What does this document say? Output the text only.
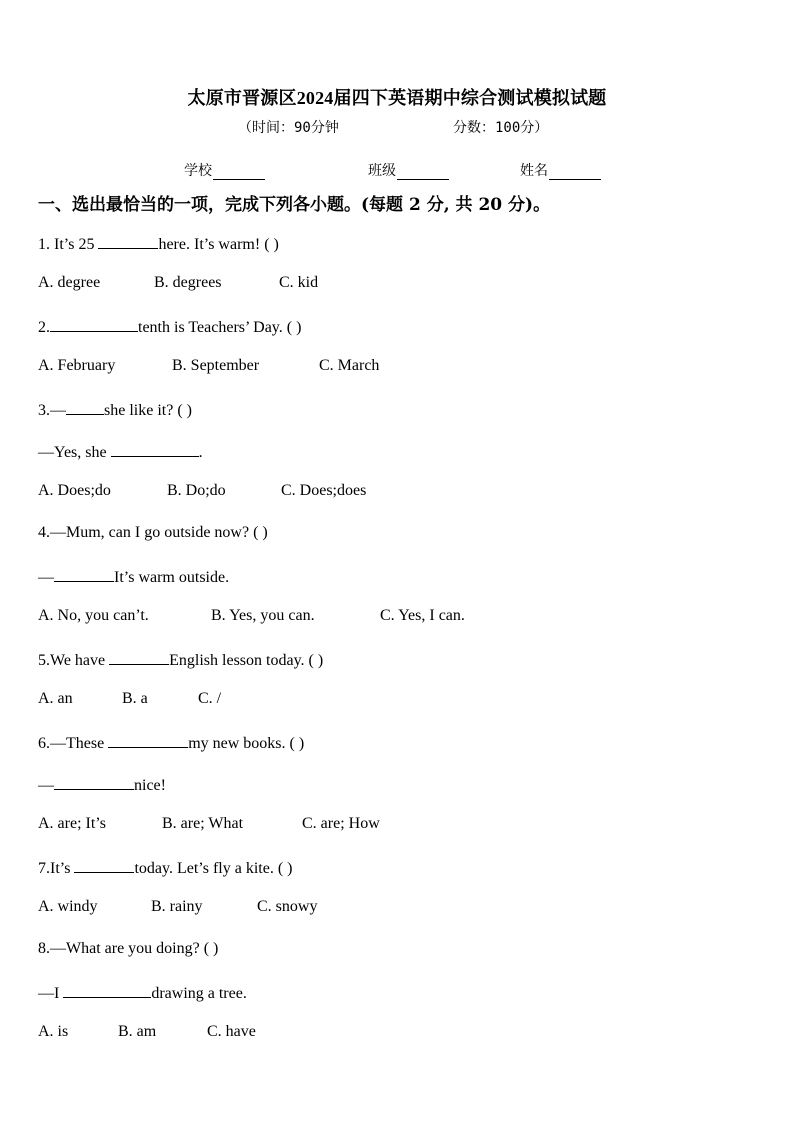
太原市晋源区2024届四下英语期中综合测试模拟试题
（时间：90分钟	分数：100分）
学校	班级	姓名
一、选出最恰当的一项，完成下列各小题。(每题 2 分, 共 20 分)。
1. It’s 25	here. It’s warm! ( )
A. degree	B. degrees	C. kid
2.	tenth is Teachers’ Day. ( )
A. February	B. September	C. March
3.— she like it? ( )
—Yes, she	.
A. Does;do	B. Do;do	C. Does;does
4.—Mum, can I go outside now? ( )
—	It’s warm outside.
A. No, you can’t.	B. Yes, you can.	C. Yes, I can.
5.We have	English lesson today. ( )
A. an	B. a	C. /
6.—These	my new books. ( )
—	nice!
A. are; It’s	B. are; What	C. are; How
7.It’s	today. Let’s fly a kite. ( )
A. windy	B. rainy	C. snowy
8.—What are you doing? ( )
—I	drawing a tree.
A. is	B. am	C. have
